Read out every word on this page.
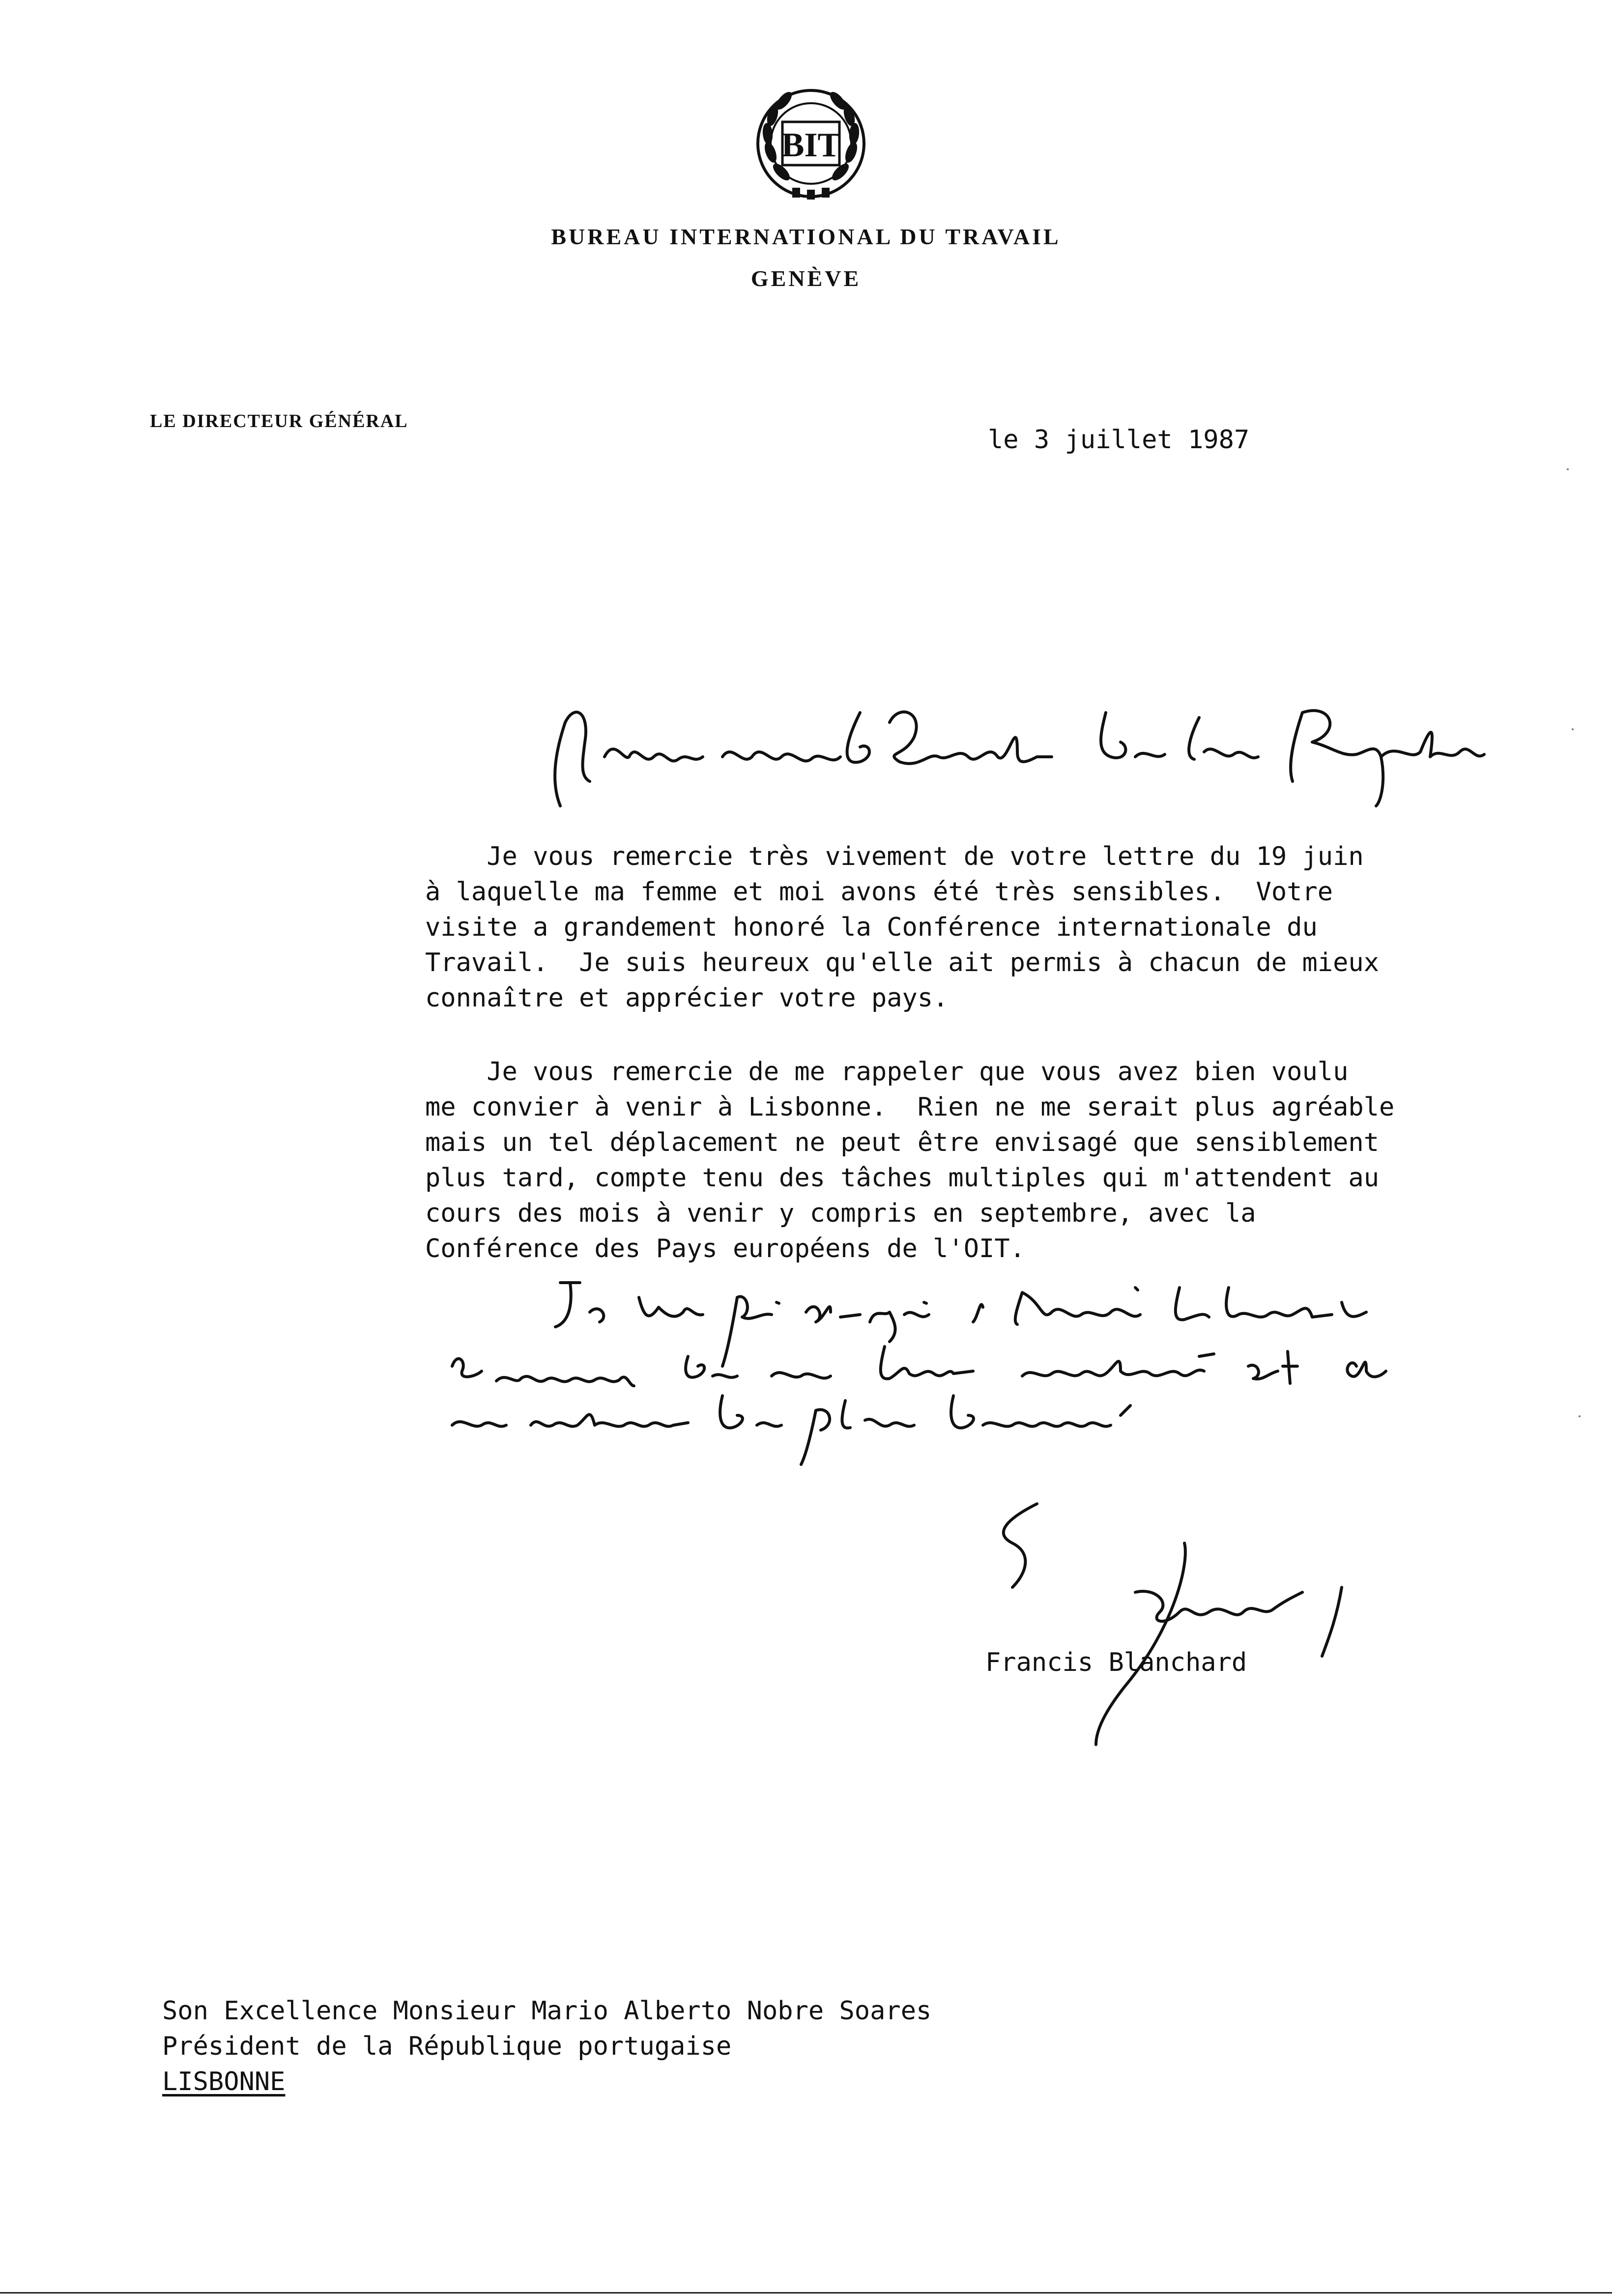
BIT
BUREAU INTERNATIONAL DU TRAVAIL
GENÈVE
LE DIRECTEUR GÉNÉRAL
le 3 juillet 1987
Je vous remercie très vivement de votre lettre du 19 juin
à laquelle ma femme et moi avons été très sensibles.  Votre
visite a grandement honoré la Conférence internationale du
Travail.  Je suis heureux qu'elle ait permis à chacun de mieux
connaître et apprécier votre pays.
Je vous remercie de me rappeler que vous avez bien voulu
me convier à venir à Lisbonne.  Rien ne me serait plus agréable
mais un tel déplacement ne peut être envisagé que sensiblement
plus tard, compte tenu des tâches multiples qui m'attendent au
cours des mois à venir y compris en septembre, avec la
Conférence des Pays européens de l'OIT.
Francis Blanchard
Son Excellence Monsieur Mario Alberto Nobre Soares
Président de la République portugaise
LISBONNE
